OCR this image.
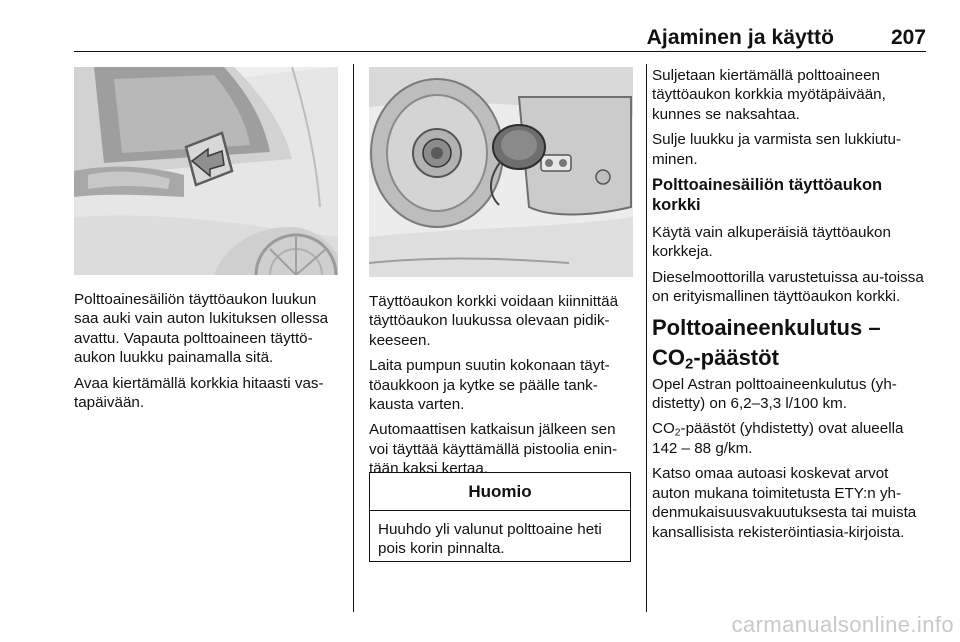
Ajaminen ja käyttö	207

Polttoainesäiliön täyttöaukon luukun saa auki vain auton lukituksen ollessa avattu. Vapauta polttoaineen täyttö-aukon luukku painamalla sitä.

Avaa kiertämällä korkkia hitaasti vas-tapäivään.

Täyttöaukon korkki voidaan kiinnittää täyttöaukon luukussa olevaan pidik-keeseen.

Laita pumpun suutin kokonaan täyt-töaukkoon ja kytke se päälle tank-kausta varten.

Automaattisen katkaisun jälkeen sen voi täyttää käyttämällä pistoolia enin-tään kaksi kertaa.

Huomio
Huuhdo yli valunut polttoaine heti pois korin pinnalta.

Suljetaan kiertämällä polttoaineen täyttöaukon korkkia myötäpäivään, kunnes se naksahtaa.

Sulje luukku ja varmista sen lukkiutu-minen.

Polttoainesäiliön täyttöaukon korkki

Käytä vain alkuperäisiä täyttöaukon korkkeja.

Dieselmoottorilla varustetuissa au-toissa on erityismallinen täyttöaukon korkki.

Polttoaineenkulutus – $CO_2$-päästöt

Opel Astran polttoaineenkulutus (yh-distetty) on 6,2–3,3 l/100 km.

$CO_2$-päästöt (yhdistetty) ovat alueella 142 – 88 g/km.

Katso omaa autoasi koskevat arvot auton mukana toimitetusta ETY:n yh-denmukaisuusvakuutuksesta tai muista kansallisista rekisteröintiasia-kirjoista.

carmanualsonline.info
